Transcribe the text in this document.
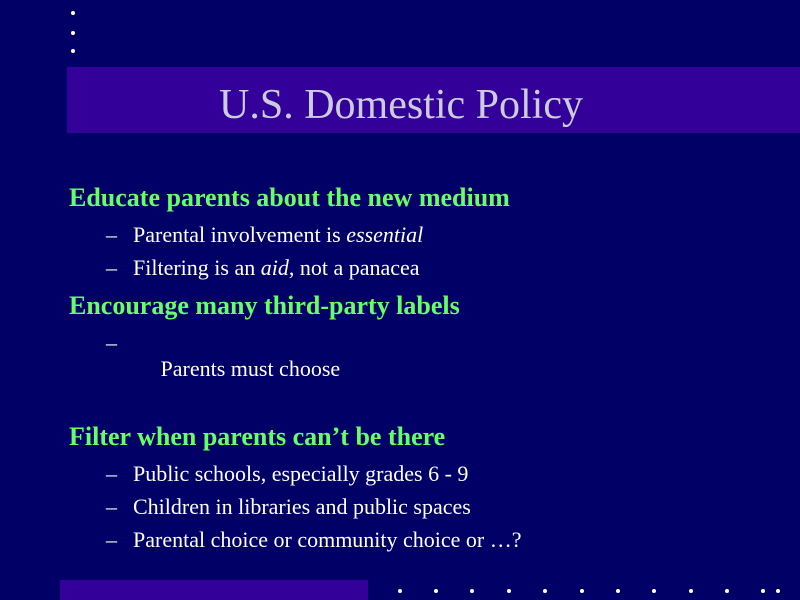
U.S. Domestic Policy
Educate parents about the new medium
– Parental involvement is essential
– Filtering is an aid, not a panacea
Encourage many third-party labels

–
Parents must choose

Filter when parents can’t be there
– Public schools, especially grades 6 - 9
– Children in libraries and public spaces
– Parental choice or community choice or …?
